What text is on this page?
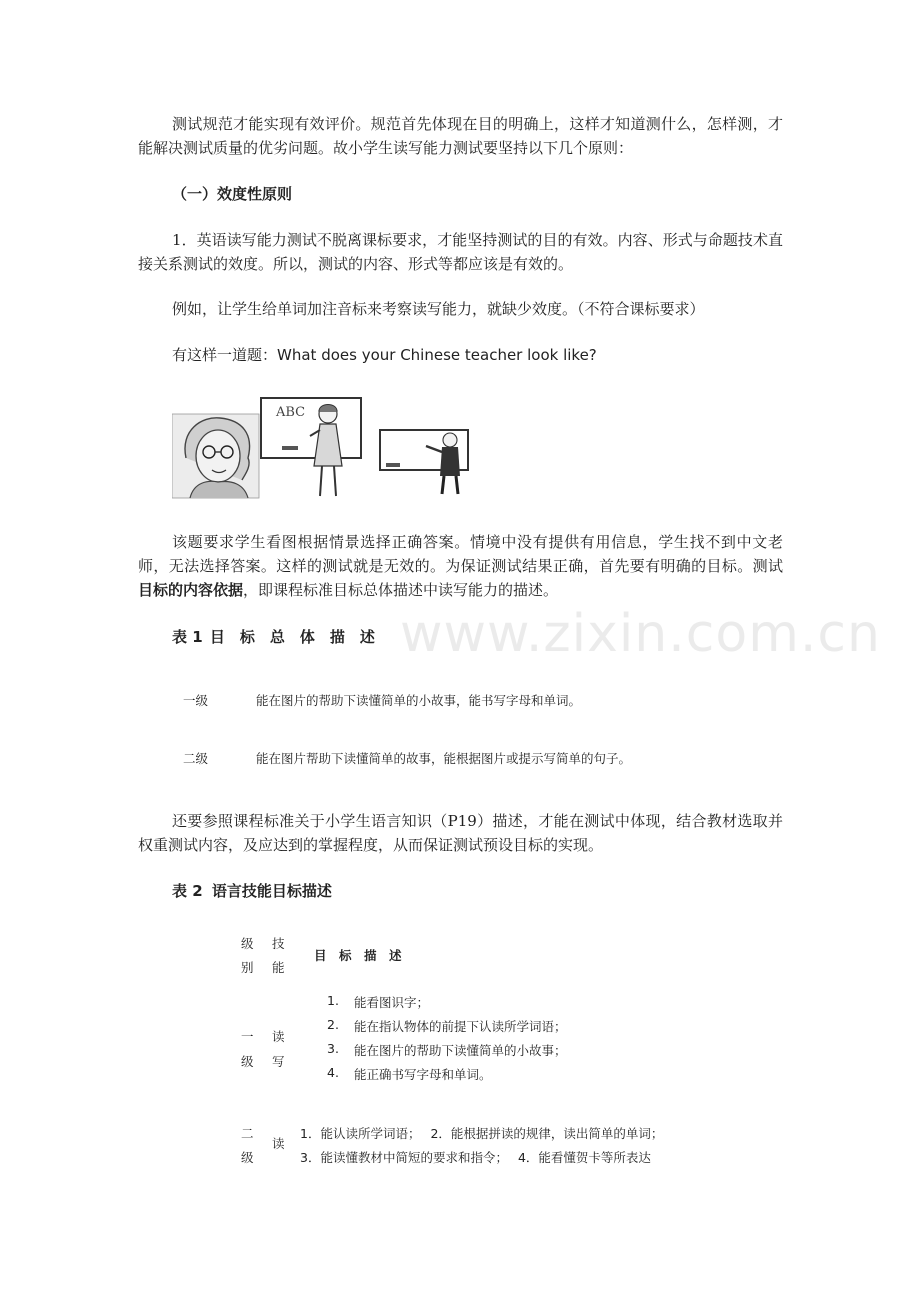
www.zixin.com.cn

测试规范才能实现有效评价。规范首先体现在目的明确上，这样才知道测什么，怎样测，才能解决测试质量的优劣问题。故小学生读写能力测试要坚持以下几个原则：

（一）效度性原则

1．英语读写能力测试不脱离课标要求，才能坚持测试的目的有效。内容、形式与命题技术直接关系测试的效度。所以，测试的内容、形式等都应该是有效的。

例如，让学生给单词加注音标来考察读写能力，就缺少效度。（不符合课标要求）
有这样一道题：What does your Chinese teacher look like?
ABC

该题要求学生看图根据情景选择正确答案。情境中没有提供有用信息，学生找不到中文老师，无法选择答案。这样的测试就是无效的。为保证测试结果正确，首先要有明确的目标。测试目标的内容依据，即课程标准目标总体描述中读写能力的描述。

表 1 目　标　总　体　描　述
一级	能在图片的帮助下读懂简单的小故事，能书写字母和单词。
二级	能在图片帮助下读懂简单的故事，能根据图片或提示写简单的句子。

还要参照课程标准关于小学生语言知识（P19）描述，才能在测试中体现，结合教材选取并权重测试内容，及应达到的掌握程度，从而保证测试预设目标的实现。

表 2 语言技能目标描述
级
别
技
能
目　标　描　述
一
级
读
写
1. 能看图识字；
2. 能在指认物体的前提下认读所学词语；
3. 能在图片的帮助下读懂简单的小故事；
4. 能正确书写字母和单词。
二
级
读
1．能认读所学词语； 2．能根据拼读的规律，读出简单的单词；
3．能读懂教材中简短的要求和指令； 4．能看懂贺卡等所表达
